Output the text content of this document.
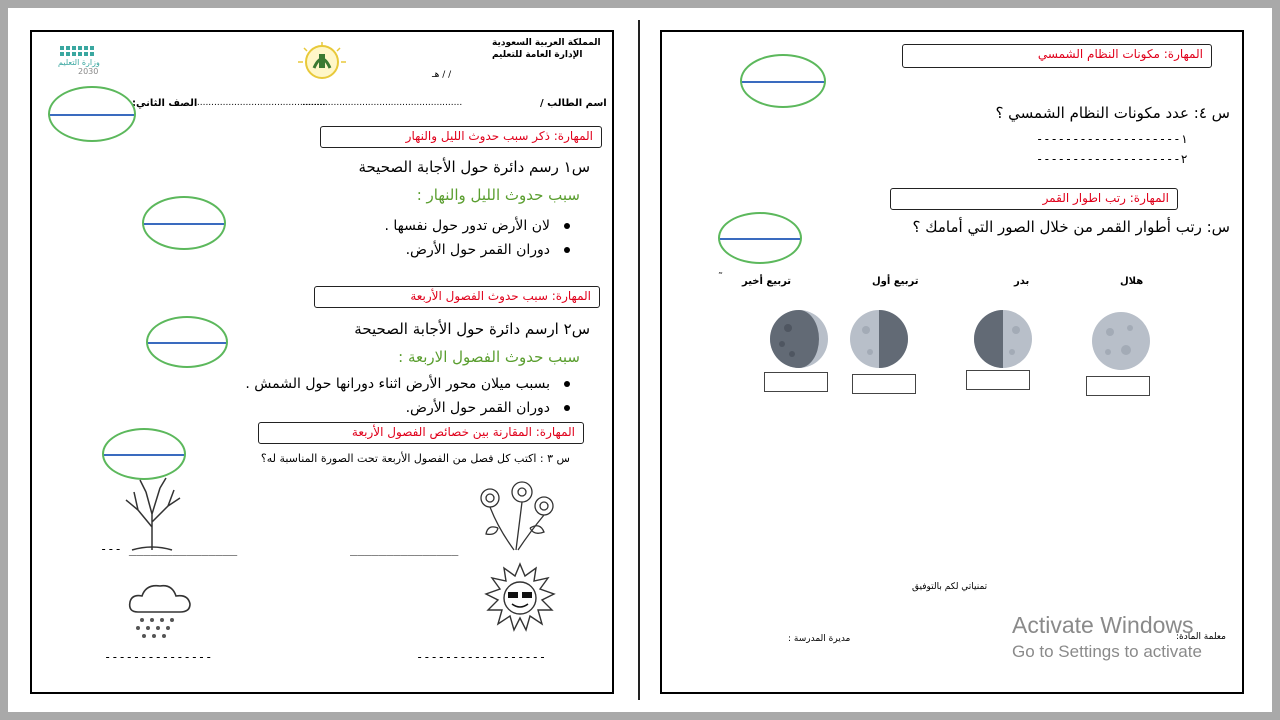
المملكة العربية السعودية
الإدارة العامة للتعليم
/ / هـ
وزارة التعليم
2030
اسم الطالب /
........................................................
..............................................
الصف الثاني:
المهارة: ذكر سبب حدوث الليل والنهار
س١ رسم دائرة حول الأجابة الصحيحة
سبب حدوث الليل والنهار :
لان الأرض تدور حول نفسها .
دوران القمر حول الأرض.
المهارة: سبب حدوث الفصول الأربعة
س٢ ارسم دائرة حول الأجابة الصحيحة
سبب حدوث الفصول الاربعة :
بسبب ميلان محور الأرض اثناء دورانها حول الشمش .
دوران القمر حول الأرض.
المهارة: المقارنة بين خصائص الفصول الأربعة
س ٣ : اكتب كل فصل من الفصول الأربعة تحت الصورة المناسبة له؟
--- _______________	_______________
---------------	------------------
المهارة: مكونات النظام الشمسي
س ٤: عدد مكونات النظام الشمسي ؟
١--------------------
٢--------------------
المهارة: رتب اطوار القمر
س: رتب أطوار القمر من خلال الصور التي أمامك ؟
هلال
بدر
تربيع أول
تربيع أخير
˜
تمنياتي لكم بالتوفيق
معلمة المادة:
مديرة المدرسة :
Activate Windows
Go to Settings to activate
